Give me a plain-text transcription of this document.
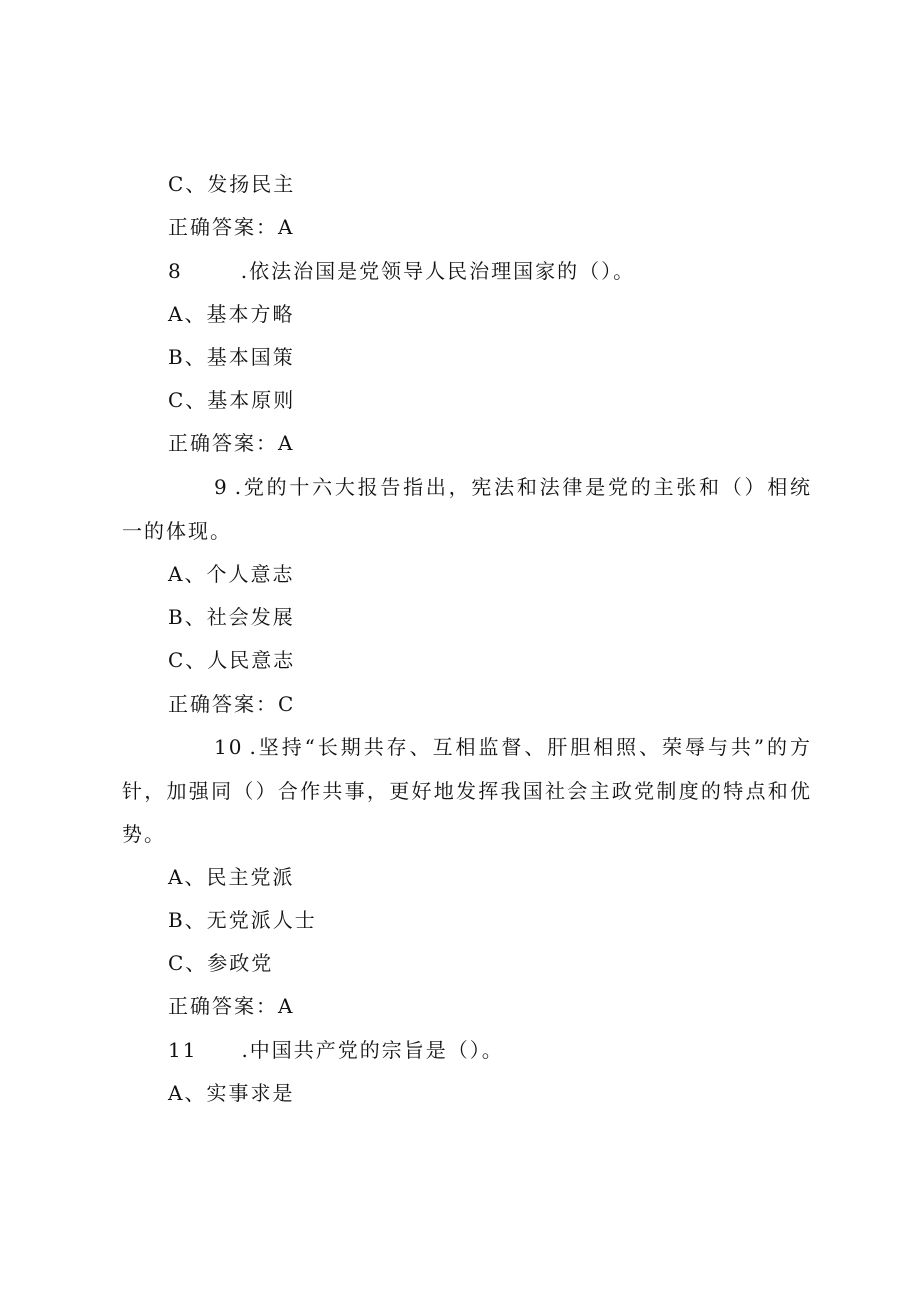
C、发扬民主
正确答案：A
8	.依法治国是党领导人民治理国家的（）。
A、基本方略
B、基本国策
C、基本原则
正确答案：A
9 .党的十六大报告指出，宪法和法律是党的主张和（）相统一的体现。
A、个人意志
B、社会发展
C、人民意志
正确答案：C
10 .坚持“长期共存、互相监督、肝胆相照、荣辱与共”的方针，加强同（）合作共事，更好地发挥我国社会主政党制度的特点和优势。
A、民主党派
B、无党派人士
C、参政党
正确答案：A
11 .中国共产党的宗旨是（）。
A、实事求是
